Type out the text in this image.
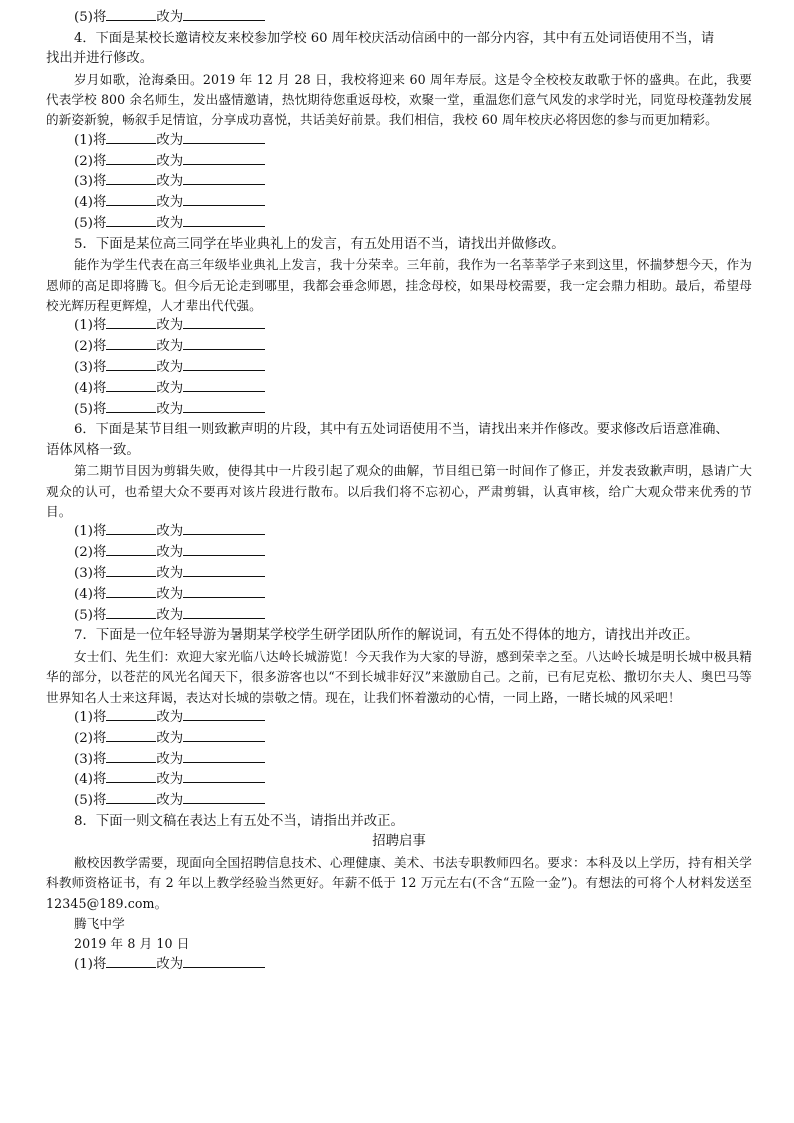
(5)将	改为
4．下面是某校长邀请校友来校参加学校 60 周年校庆活动信函中的一部分内容，其中有五处词语使用不当，请
找出并进行修改。
岁月如歌，沧海桑田。2019 年 12 月 28 日，我校将迎来 60 周年寿辰。这是令全校校友敢歌于怀的盛典。在此，我要代表学校 800 余名师生，发出盛情邀请，热忱期待您重返母校，欢聚一堂，重温您们意气风发的求学时光，同览母校蓬勃发展的新姿新貌，畅叙手足情谊，分享成功喜悦，共话美好前景。我们相信，我校 60 周年校庆必将因您的参与而更加精彩。
(1)将	改为
(2)将	改为
(3)将	改为
(4)将	改为
(5)将	改为
5．下面是某位高三同学在毕业典礼上的发言，有五处用语不当，请找出并做修改。
能作为学生代表在高三年级毕业典礼上发言，我十分荣幸。三年前，我作为一名莘莘学子来到这里，怀揣梦想今天，作为恩师的高足即将腾飞。但今后无论走到哪里，我都会垂念师恩，挂念母校，如果母校需要，我一定会鼎力相助。最后，希望母校光辉历程更辉煌，人才辈出代代强。
(1)将	改为
(2)将	改为
(3)将	改为
(4)将	改为
(5)将	改为
6．下面是某节目组一则致歉声明的片段，其中有五处词语使用不当，请找出来并作修改。要求修改后语意准确、
语体风格一致。
第二期节目因为剪辑失败，使得其中一片段引起了观众的曲解，节目组已第一时间作了修正，并发表致歉声明，恳请广大观众的认可，也希望大众不要再对该片段进行散布。以后我们将不忘初心，严肃剪辑，认真审核，给广大观众带来优秀的节目。
(1)将	改为
(2)将	改为
(3)将	改为
(4)将	改为
(5)将	改为
7．下面是一位年轻导游为暑期某学校学生研学团队所作的解说词，有五处不得体的地方，请找出并改正。
女士们、先生们：欢迎大家光临八达岭长城游览！今天我作为大家的导游，感到荣幸之至。八达岭长城是明长城中极具精华的部分，以苍茫的风光名闻天下，很多游客也以“不到长城非好汉”来激励自己。之前，已有尼克松、撒切尔夫人、奥巴马等世界知名人士来这拜谒，表达对长城的崇敬之情。现在，让我们怀着激动的心情，一同上路，一睹长城的风采吧！
(1)将	改为
(2)将	改为
(3)将	改为
(4)将	改为
(5)将	改为
8．下面一则文稿在表达上有五处不当，请指出并改正。
招聘启事
敝校因教学需要，现面向全国招聘信息技术、心理健康、美术、书法专职教师四名。要求：本科及以上学历，持有相关学科教师资格证书，有 2 年以上教学经验当然更好。年薪不低于 12 万元左右(不含“五险一金”)。有想法的可将个人材料发送至 12345@189.com。
腾飞中学
2019 年 8 月 10 日
(1)将	改为
